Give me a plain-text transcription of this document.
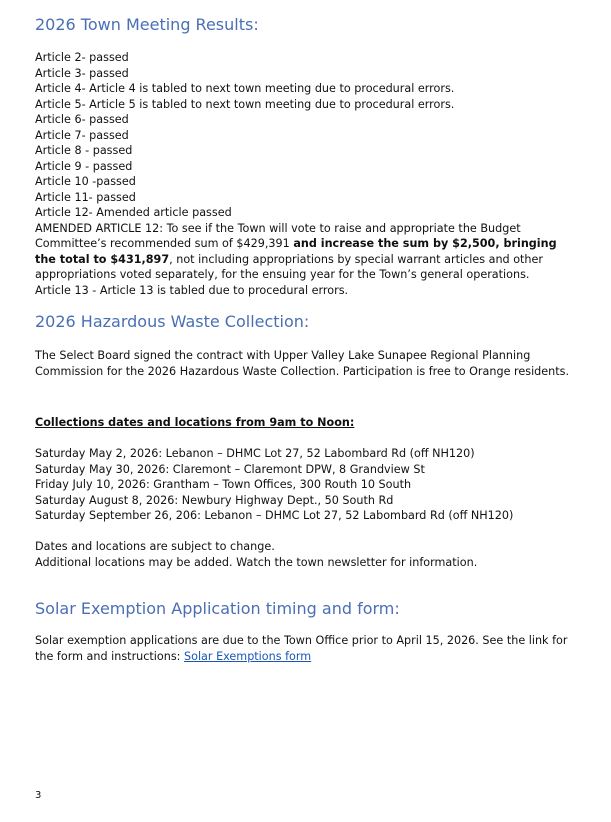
2026 Town Meeting Results:
Article 2- passed
Article 3- passed
Article 4- Article 4 is tabled to next town meeting due to procedural errors.
Article 5- Article 5 is tabled to next town meeting due to procedural errors.
Article 6- passed
Article 7- passed
Article 8 - passed
Article 9 - passed
Article 10 -passed
Article 11- passed
Article 12- Amended article passed
AMENDED ARTICLE 12: To see if the Town will vote to raise and appropriate the Budget Committee’s recommended sum of $429,391 and increase the sum by $2,500, bringing the total to $431,897, not including appropriations by special warrant articles and other appropriations voted separately, for the ensuing year for the Town’s general operations.
Article 13 - Article 13 is tabled due to procedural errors.
2026 Hazardous Waste Collection:
The Select Board signed the contract with Upper Valley Lake Sunapee Regional Planning Commission for the 2026 Hazardous Waste Collection. Participation is free to Orange residents.
Collections dates and locations from 9am to Noon:
Saturday May 2, 2026: Lebanon – DHMC Lot 27, 52 Labombard Rd (off NH120)
Saturday May 30, 2026: Claremont – Claremont DPW, 8 Grandview St
Friday July 10, 2026: Grantham – Town Offices, 300 Routh 10 South
Saturday August 8, 2026: Newbury Highway Dept., 50 South Rd
Saturday September 26, 206: Lebanon – DHMC Lot 27, 52 Labombard Rd (off NH120)
Dates and locations are subject to change.
Additional locations may be added. Watch the town newsletter for information.
Solar Exemption Application timing and form:
Solar exemption applications are due to the Town Office prior to April 15, 2026. See the link for the form and instructions: Solar Exemptions form
3
